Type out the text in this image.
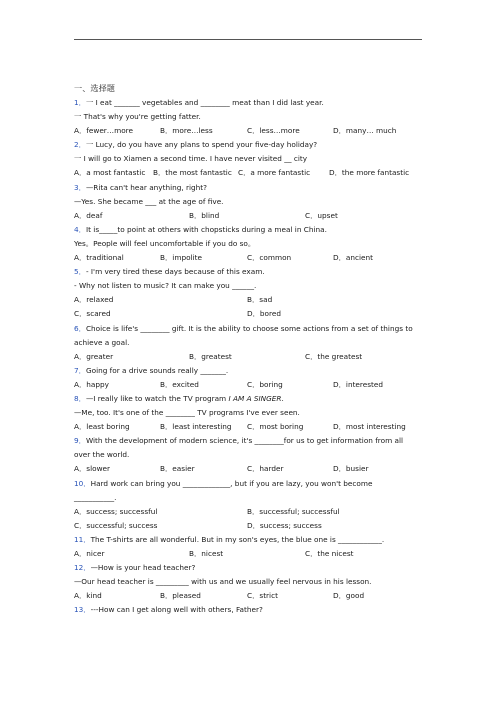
一、选择题
1．一 I eat _______ vegetables and ________ meat than I did last year.
一 That's why you're getting fatter.
A．fewer…more	B．more…less	C．less…more	D．many… much
2．一 Lucy, do you have any plans to spend your five-day holiday?
一 I will go to Xiamen a second time. I have never visited __ city
A．a most fantastic B．the most fantastic C．a more fantastic	D．the more fantastic
3．—Rita can't hear anything, right?
—Yes. She became ___ at the age of five.
A．deaf	B．blind	C．upset
4．It is_____to point at others with chopsticks during a meal in China.
Yes。People will feel uncomfortable if you do so。
A．traditional	B．impolite	C．common	D．ancient
5．- I'm very tired these days because of this exam.
- Why not listen to music? It can make you ______.
A．relaxed	B．sad
C．scared	D．bored
6．Choice is life's ________ gift. It is the ability to choose some actions from a set of things to
achieve a goal.
A．greater	B．greatest	C．the greatest
7．Going for a drive sounds really _______.
A．happy	B．excited	C．boring	D．interested
8．—I really like to watch the TV program I AM A SINGER.
—Me, too. It's one of the ________ TV programs I've ever seen.
A．least boring	B．least interesting C．most boring	D．most interesting
9．With the development of modern science, it's ________for us to get information from all
over the world.
A．slower	B．easier	C．harder	D．busier
10．Hard work can bring you _____________, but if you are lazy, you won't become
___________.
A．success; successful	B．successful; successful
C．successful; success	D．success; success
11．The T-shirts are all wonderful. But in my son's eyes, the blue one is ____________.
A．nicer	B．nicest	C．the nicest
12．—How is your head teacher?
—Our head teacher is _________ with us and we usually feel nervous in his lesson.
A．kind	B．pleased	C．strict	D．good
13．---How can I get along well with others, Father?
